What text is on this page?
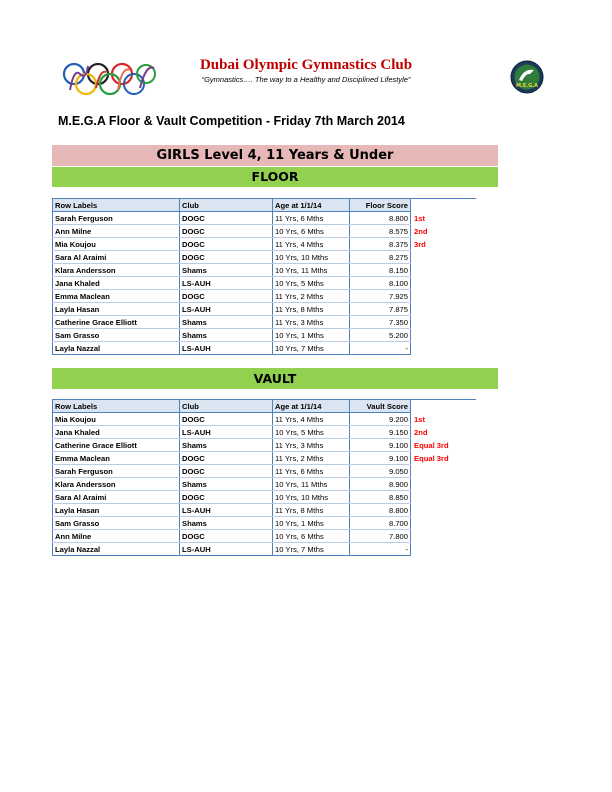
Dubai Olympic Gymnastics Club
“Gymnastics…. The way to a Healthy and Disciplined Lifestyle”
M.E.G.A
M.E.G.A Floor & Vault Competition - Friday 7th March 2014
GIRLS Level 4, 11 Years & Under
FLOOR
Row Labels	Club	Age at 1/1/14	Floor Score	
Sarah Ferguson	DOGC	11 Yrs, 6 Mths	8.800	1st
Ann Milne	DOGC	10 Yrs, 6 Mths	8.575	2nd
Mia Koujou	DOGC	11 Yrs, 4 Mths	8.375	3rd
Sara Al Araimi	DOGC	10 Yrs, 10 Mths	8.275	
Klara Andersson	Shams	10 Yrs, 11 Mths	8.150	
Jana Khaled	LS-AUH	10 Yrs, 5 Mths	8.100	
Emma Maclean	DOGC	11 Yrs, 2 Mths	7.925	
Layla Hasan	LS-AUH	11 Yrs, 8 Mths	7.875	
Catherine Grace Elliott	Shams	11 Yrs, 3 Mths	7.350	
Sam Grasso	Shams	10 Yrs, 1 Mths	5.200	
Layla Nazzal	LS-AUH	10 Yrs, 7 Mths	-	
VAULT
Row Labels	Club	Age at 1/1/14	Vault Score	
Mia Koujou	DOGC	11 Yrs, 4 Mths	9.200	1st
Jana Khaled	LS-AUH	10 Yrs, 5 Mths	9.150	2nd
Catherine Grace Elliott	Shams	11 Yrs, 3 Mths	9.100	Equal 3rd
Emma Maclean	DOGC	11 Yrs, 2 Mths	9.100	Equal 3rd
Sarah Ferguson	DOGC	11 Yrs, 6 Mths	9.050	
Klara Andersson	Shams	10 Yrs, 11 Mths	8.900	
Sara Al Araimi	DOGC	10 Yrs, 10 Mths	8.850	
Layla Hasan	LS-AUH	11 Yrs, 8 Mths	8.800	
Sam Grasso	Shams	10 Yrs, 1 Mths	8.700	
Ann Milne	DOGC	10 Yrs, 6 Mths	7.800	
Layla Nazzal	LS-AUH	10 Yrs, 7 Mths	-	
